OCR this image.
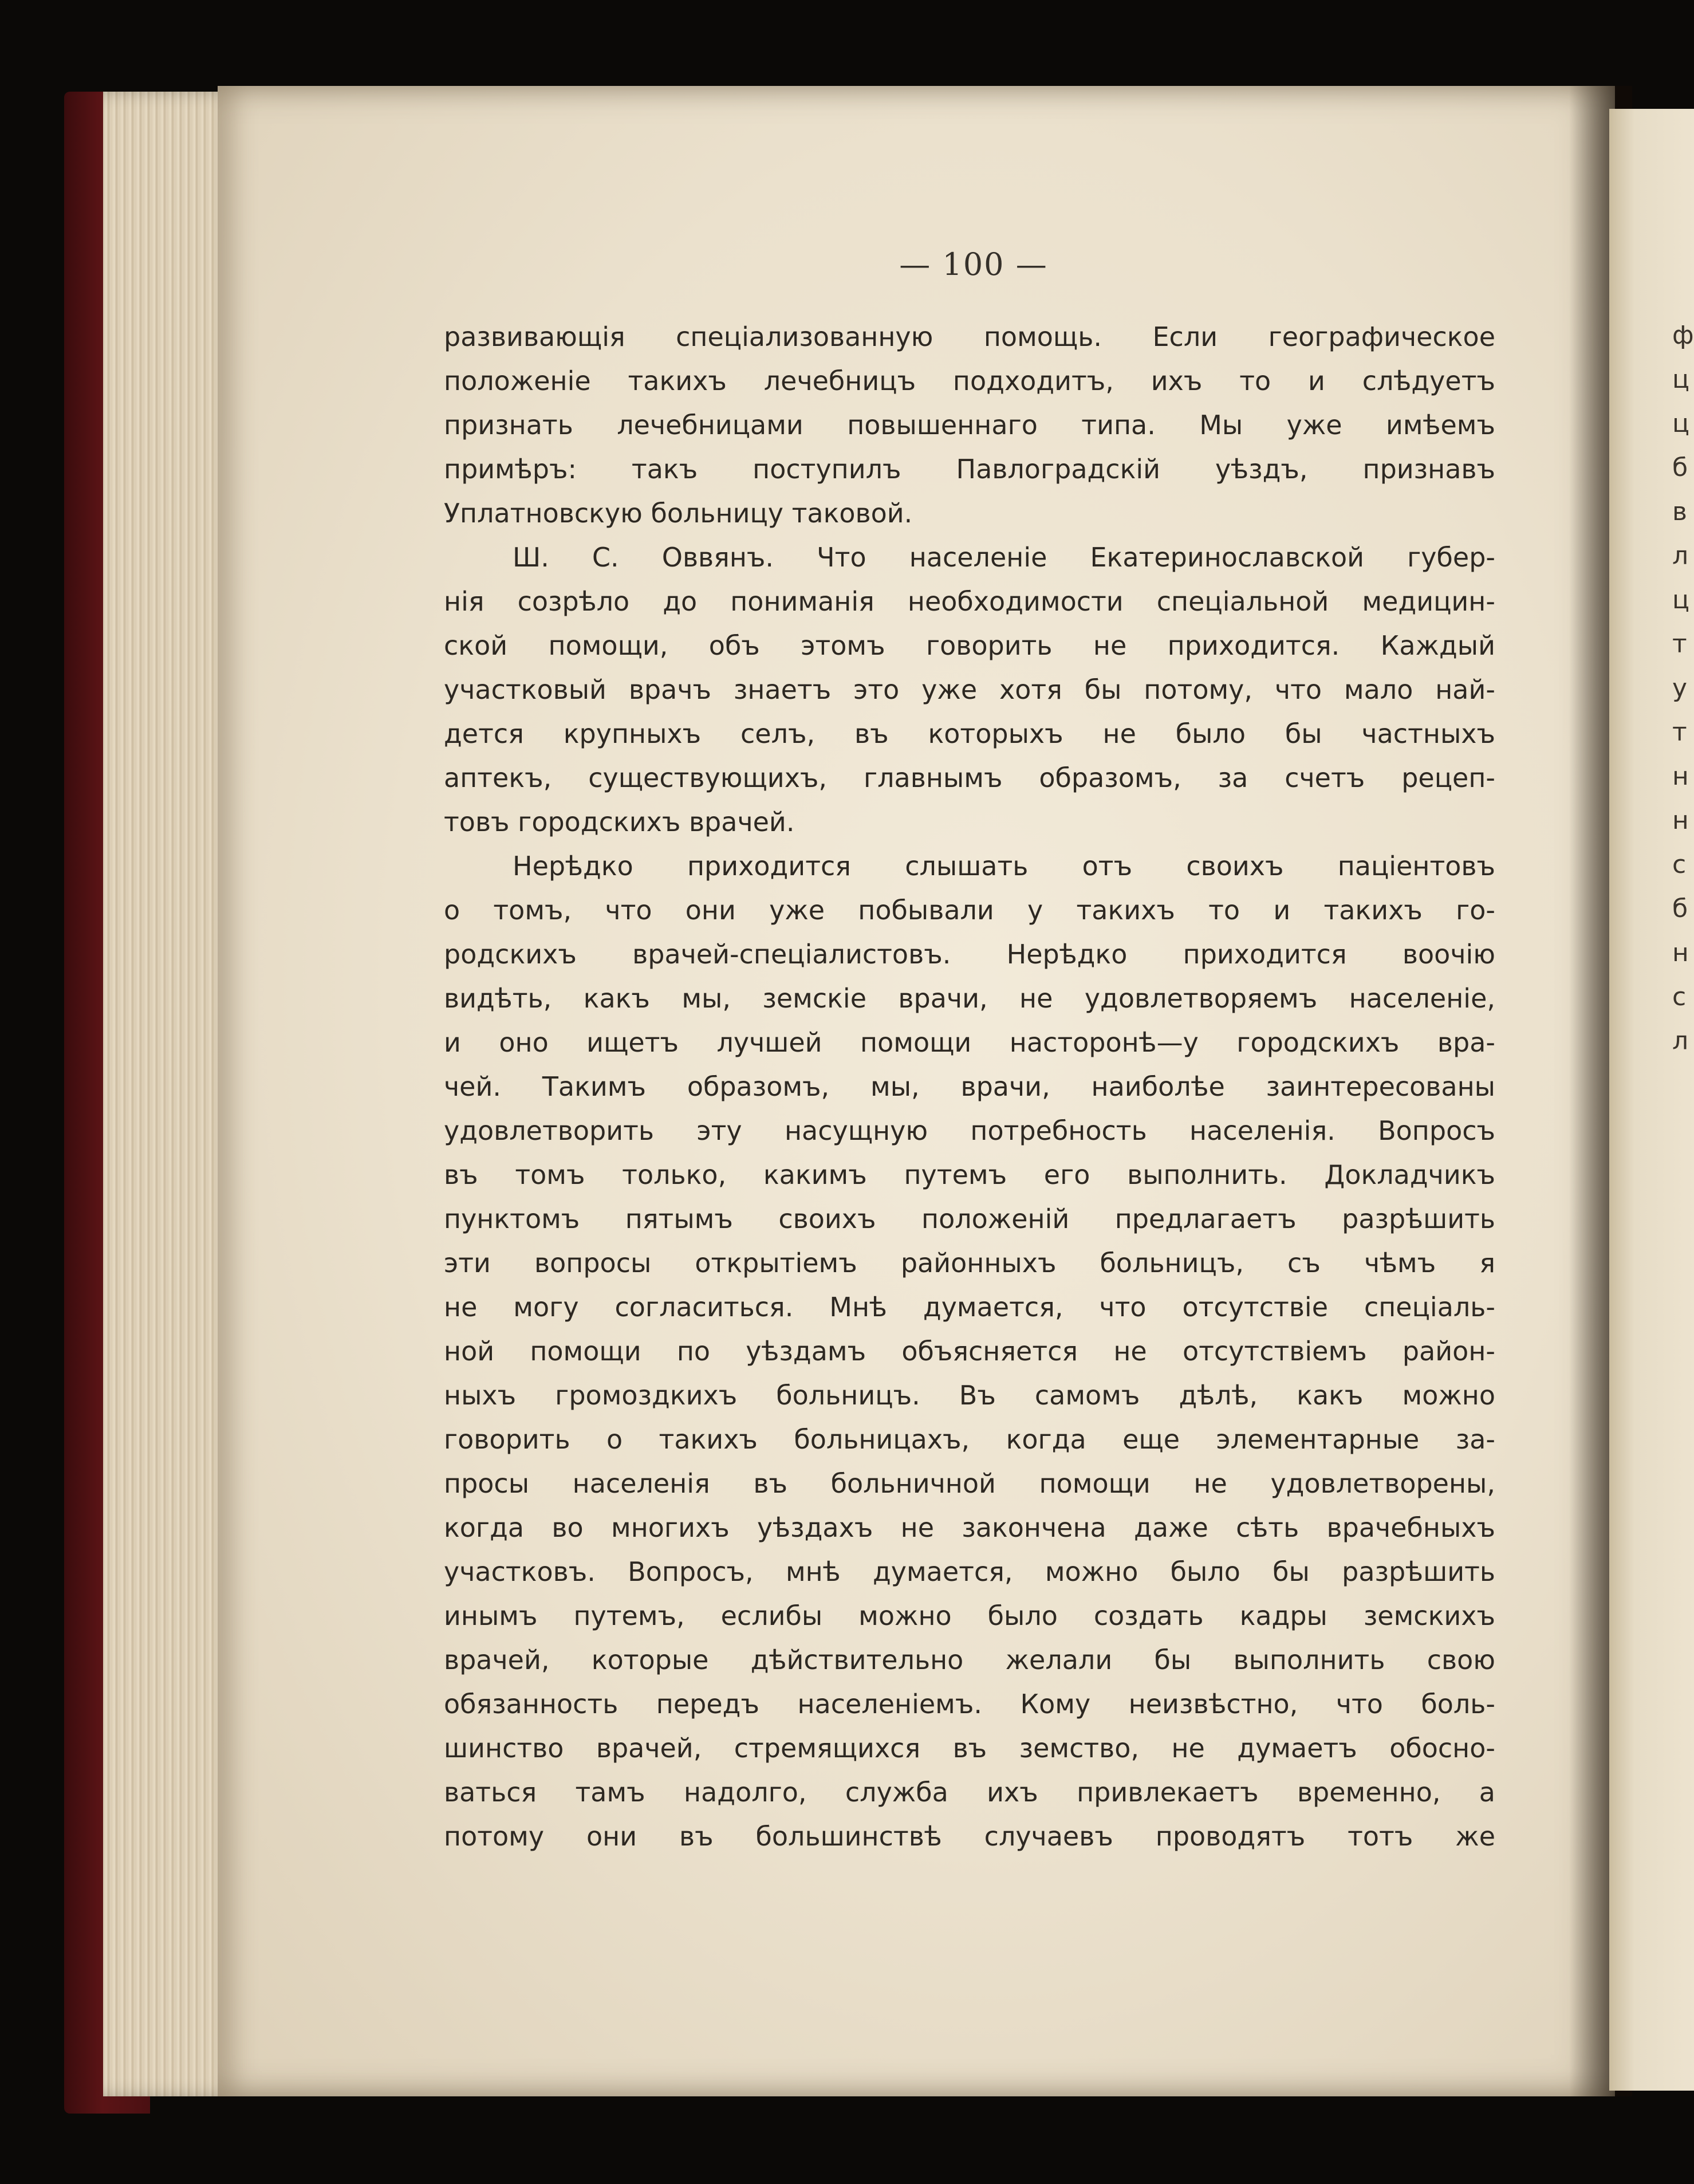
ф
ц
ц
б
в
л
ц
т
у
т
н
н
с
б
н
с
л
— 100 —
развивающія спеціализованную помощь. Если географическое
положеніе такихъ лечебницъ подходитъ, ихъ то и слѣдуетъ
признать лечебницами повышеннаго типа. Мы уже имѣемъ
примѣръ: такъ поступилъ Павлоградскій уѣздъ, признавъ
Уплатновскую больницу таковой.
Ш. С. Оввянъ. Что населеніе Екатеринославской губер-
нія созрѣло до пониманія необходимости спеціальной медицин-
ской помощи, объ этомъ говорить не приходится. Каждый
участковый врачъ знаетъ это уже хотя бы потому, что мало най-
дется крупныхъ селъ, въ которыхъ не было бы частныхъ
аптекъ, существующихъ, главнымъ образомъ, за счетъ рецеп-
товъ городскихъ врачей.
Нерѣдко приходится слышать отъ своихъ паціентовъ
о томъ, что они уже побывали у такихъ то и такихъ го-
родскихъ врачей-спеціалистовъ. Нерѣдко приходится воочію
видѣть, какъ мы, земскіе врачи, не удовлетворяемъ населеніе,
и оно ищетъ лучшей помощи насторонѣ—у городскихъ вра-
чей. Такимъ образомъ, мы, врачи, наиболѣе заинтересованы
удовлетворить эту насущную потребность населенія. Вопросъ
въ томъ только, какимъ путемъ его выполнить. Докладчикъ
пунктомъ пятымъ своихъ положеній предлагаетъ разрѣшить
эти вопросы открытіемъ районныхъ больницъ, съ чѣмъ я
не могу согласиться. Мнѣ думается, что отсутствіе спеціаль-
ной помощи по уѣздамъ объясняется не отсутствіемъ район-
ныхъ громоздкихъ больницъ. Въ самомъ дѣлѣ, какъ можно
говорить о такихъ больницахъ, когда еще элементарные за-
просы населенія въ больничной помощи не удовлетворены,
когда во многихъ уѣздахъ не закончена даже сѣть врачебныхъ
участковъ. Вопросъ, мнѣ думается, можно было бы разрѣшить
инымъ путемъ, еслибы можно было создать кадры земскихъ
врачей, которые дѣйствительно желали бы выполнить свою
обязанность передъ населеніемъ. Кому неизвѣстно, что боль-
шинство врачей, стремящихся въ земство, не думаетъ обосно-
ваться тамъ надолго, служба ихъ привлекаетъ временно, а
потому они въ большинствѣ случаевъ проводятъ тотъ же
